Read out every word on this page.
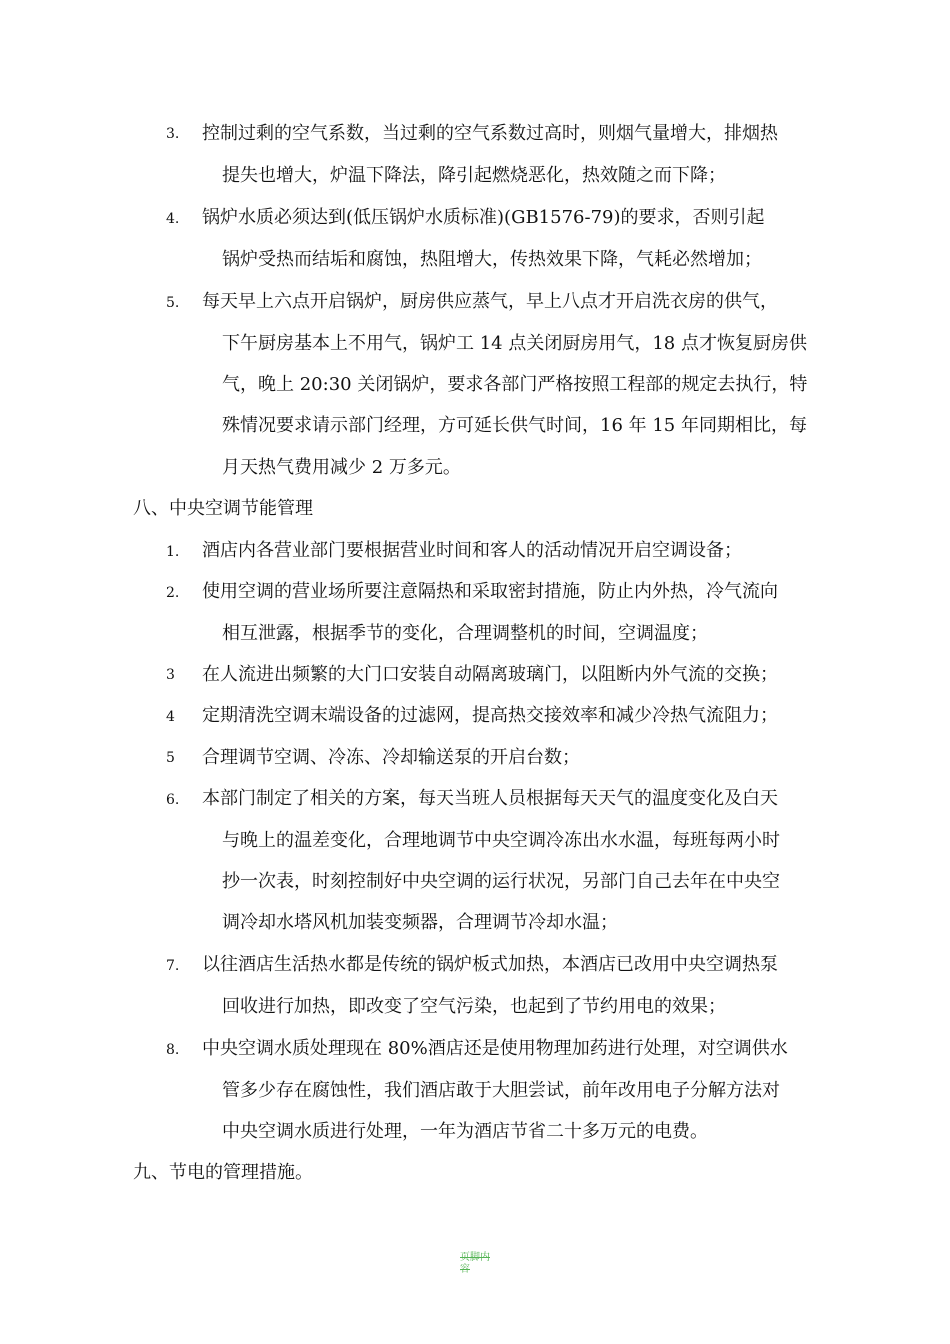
3. 控制过剩的空气系数，当过剩的空气系数过高时，则烟气量增大，排烟热
提失也增大，炉温下降法，降引起燃烧恶化，热效随之而下降；
4. 锅炉水质必须达到(低压锅炉水质标准)(GB1576-79)的要求，否则引起
锅炉受热而结垢和腐蚀，热阻增大，传热效果下降，气耗必然增加；
5. 每天早上六点开启锅炉，厨房供应蒸气，早上八点才开启洗衣房的供气，
下午厨房基本上不用气，锅炉工 14 点关闭厨房用气，18 点才恢复厨房供
气，晚上 20:30 关闭锅炉，要求各部门严格按照工程部的规定去执行，特
殊情况要求请示部门经理，方可延长供气时间，16 年 15 年同期相比，每
月天热气费用减少 2 万多元。
八、中央空调节能管理
1. 酒店内各营业部门要根据营业时间和客人的活动情况开启空调设备；
2. 使用空调的营业场所要注意隔热和采取密封措施，防止内外热，冷气流向
相互泄露，根据季节的变化，合理调整机的时间，空调温度；
3 在人流进出频繁的大门口安装自动隔离玻璃门，以阻断内外气流的交换；
4 定期清洗空调末端设备的过滤网，提高热交接效率和减少冷热气流阻力；
5 合理调节空调、冷冻、冷却输送泵的开启台数；
6. 本部门制定了相关的方案，每天当班人员根据每天天气的温度变化及白天
与晚上的温差变化，合理地调节中央空调冷冻出水水温，每班每两小时
抄一次表，时刻控制好中央空调的运行状况，另部门自己去年在中央空
调冷却水塔风机加装变频器，合理调节冷却水温；
7. 以往酒店生活热水都是传统的锅炉板式加热，本酒店已改用中央空调热泵
回收进行加热，即改变了空气污染，也起到了节约用电的效果；
8. 中央空调水质处理现在 80%酒店还是使用物理加药进行处理，对空调供水
管多少存在腐蚀性，我们酒店敢于大胆尝试，前年改用电子分解方法对
中央空调水质进行处理，一年为酒店节省二十多万元的电费。
九、节电的管理措施。
页脚内容
